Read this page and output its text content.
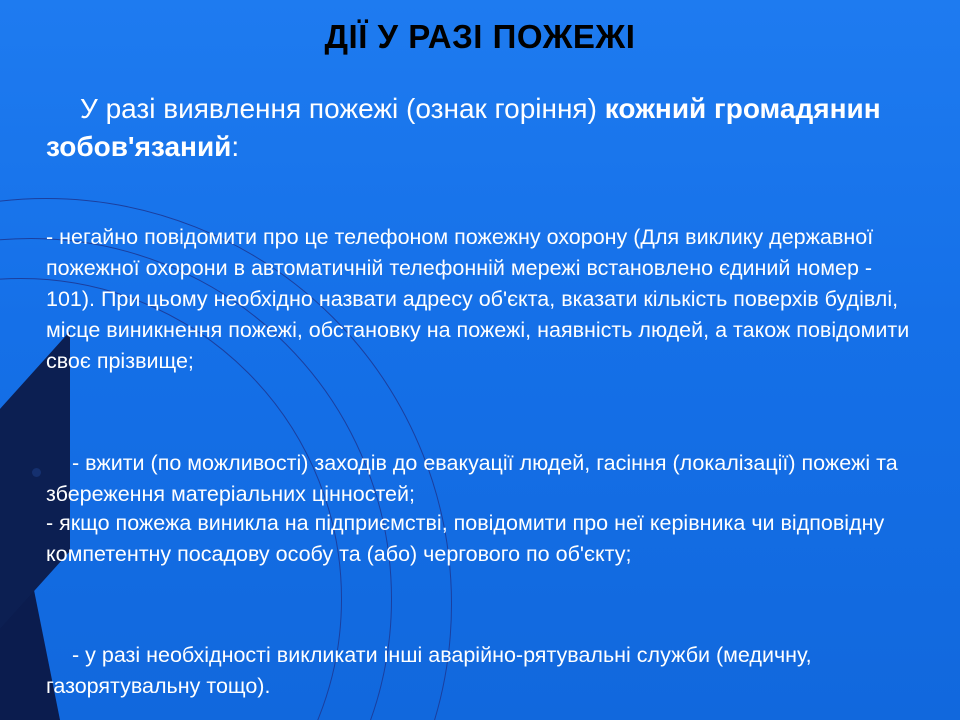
ДІЇ У РАЗІ ПОЖЕЖІ
У разі виявлення пожежі (ознак горіння) кожний громадянин зобов'язаний:
- негайно повідомити про це телефоном пожежну охорону (Для виклику державної пожежної охорони в автоматичній телефонній мережі встановлено єдиний номер - 101). При цьому необхідно назвати адресу об'єкта, вказати кількість поверхів будівлі, місце виникнення пожежі, обстановку на пожежі, наявність людей, а також повідомити своє прізвище;
- вжити (по можливості) заходів до евакуації людей, гасіння (локалізації) пожежі та збереження матеріальних цінностей;
- якщо пожежа виникла на підприємстві, повідомити про неї керівника чи відповідну компетентну посадову особу та (або) чергового по об'єкту;
- у разі необхідності викликати інші аварійно-рятувальні служби (медичну, газорятувальну тощо).
